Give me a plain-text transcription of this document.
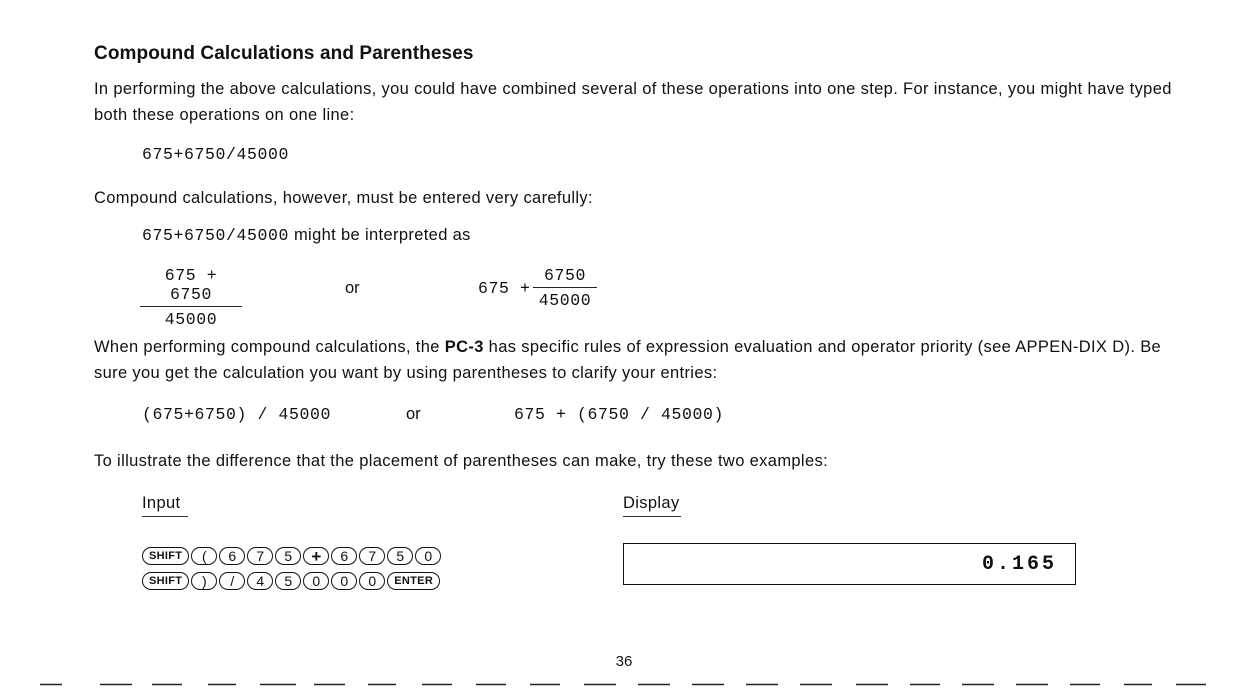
Compound Calculations and Parentheses
In performing the above calculations, you could have combined several of these operations into one step. For instance, you might have typed both these operations on one line:
675+6750/45000
Compound calculations, however, must be entered very carefully:
675+6750/45000 might be interpreted as
$\frac{675 + 6750}{45000}$	or	$675 + \frac{6750}{45000}$
When performing compound calculations, the PC-3 has specific rules of expression evaluation and operator priority (see APPEN-DIX D). Be sure you get the calculation you want by using parentheses to clarify your entries:
(675+6750) / 45000	or	675 + (6750 / 45000)
To illustrate the difference that the placement of parentheses can make, try these two examples:
Input	Display
SHIFT	(	6	7	5	+	6	7	5	0
SHIFT	)	/	4	5	0	0	0	ENTER
0.165
36
